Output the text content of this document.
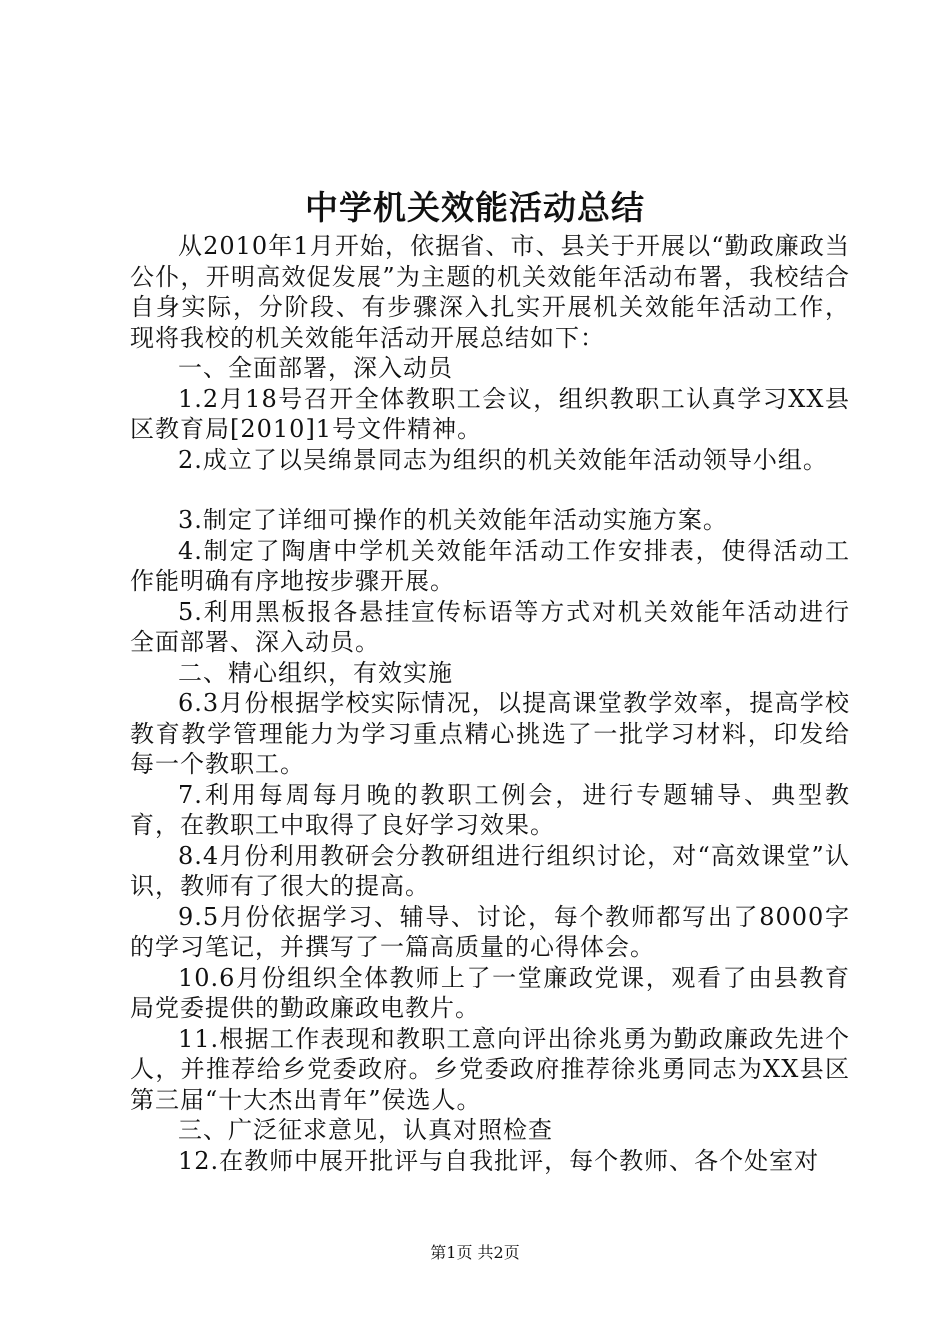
中学机关效能活动总结

从2010年1月开始，依据省、市、县关于开展以“勤政廉政当公仆，开明高效促发展”为主题的机关效能年活动布署，我校结合自身实际，分阶段、有步骤深入扎实开展机关效能年活动工作，现将我校的机关效能年活动开展总结如下：

一、全面部署，深入动员

1.2月18号召开全体教职工会议，组织教职工认真学习XX县区教育局[2010]1号文件精神。

2.成立了以吴绵景同志为组织的机关效能年活动领导小组。

3.制定了详细可操作的机关效能年活动实施方案。

4.制定了陶唐中学机关效能年活动工作安排表，使得活动工作能明确有序地按步骤开展。

5.利用黑板报各悬挂宣传标语等方式对机关效能年活动进行全面部署、深入动员。

二、精心组织，有效实施

6.3月份根据学校实际情况，以提高课堂教学效率，提高学校教育教学管理能力为学习重点精心挑选了一批学习材料，印发给每一个教职工。

7.利用每周每月晚的教职工例会，进行专题辅导、典型教育，在教职工中取得了良好学习效果。

8.4月份利用教研会分教研组进行组织讨论，对“高效课堂”认识，教师有了很大的提高。

9.5月份依据学习、辅导、讨论，每个教师都写出了8000字的学习笔记，并撰写了一篇高质量的心得体会。

10.6月份组织全体教师上了一堂廉政党课，观看了由县教育局党委提供的勤政廉政电教片。

11.根据工作表现和教职工意向评出徐兆勇为勤政廉政先进个人，并推荐给乡党委政府。乡党委政府推荐徐兆勇同志为XX县区第三届“十大杰出青年”侯选人。

三、广泛征求意见，认真对照检查

12.在教师中展开批评与自我批评，每个教师、各个处室对

第1页 共2页
